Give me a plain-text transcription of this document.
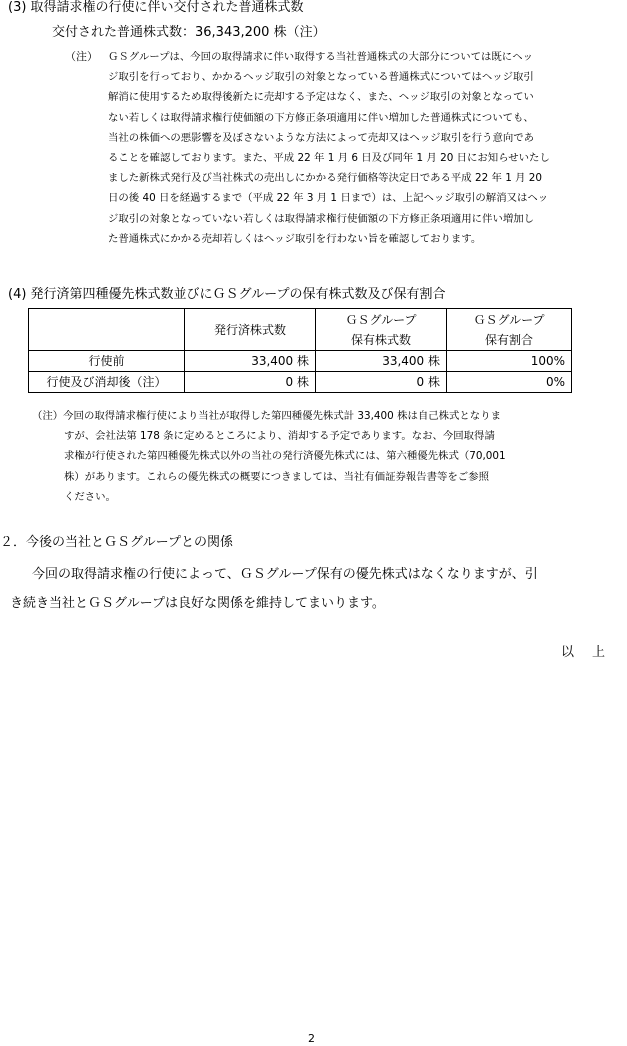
(3) 取得請求権の行使に伴い交付された普通株式数
交付された普通株式数：36,343,200 株（注）
（注） ＧＳグループは、今回の取得請求に伴い取得する当社普通株式の大部分については既にヘッ
ジ取引を行っており、かかるヘッジ取引の対象となっている普通株式についてはヘッジ取引
解消に使用するため取得後新たに売却する予定はなく、また、ヘッジ取引の対象となってい
ない若しくは取得請求権行使価額の下方修正条項適用に伴い増加した普通株式についても、
当社の株価への悪影響を及ぼさないような方法によって売却又はヘッジ取引を行う意向であ
ることを確認しております。また、平成 22 年 1 月 6 日及び同年 1 月 20 日にお知らせいたし
ました新株式発行及び当社株式の売出しにかかる発行価格等決定日である平成 22 年 1 月 20
日の後 40 日を経過するまで（平成 22 年 3 月 1 日まで）は、上記ヘッジ取引の解消又はヘッ
ジ取引の対象となっていない若しくは取得請求権行使価額の下方修正条項適用に伴い増加し
た普通株式にかかる売却若しくはヘッジ取引を行わない旨を確認しております。
(4) 発行済第四種優先株式数並びにＧＳグループの保有株式数及び保有割合
	発行済株式数	ＧＳグループ
保有株式数	ＧＳグループ
保有割合
行使前	33,400 株	33,400 株	100%
行使及び消却後（注）	0 株	0 株	0%
（注）今回の取得請求権行使により当社が取得した第四種優先株式計 33,400 株は自己株式となりま
すが、会社法第 178 条に定めるところにより、消却する予定であります。なお、今回取得請
求権が行使された第四種優先株式以外の当社の発行済優先株式には、第六種優先株式（70,001
株）があります。これらの優先株式の概要につきましては、当社有価証券報告書等をご参照
ください。
２．今後の当社とＧＳグループとの関係
今回の取得請求権の行使によって、ＧＳグループ保有の優先株式はなくなりますが、引
き続き当社とＧＳグループは良好な関係を維持してまいります。
以上
2
